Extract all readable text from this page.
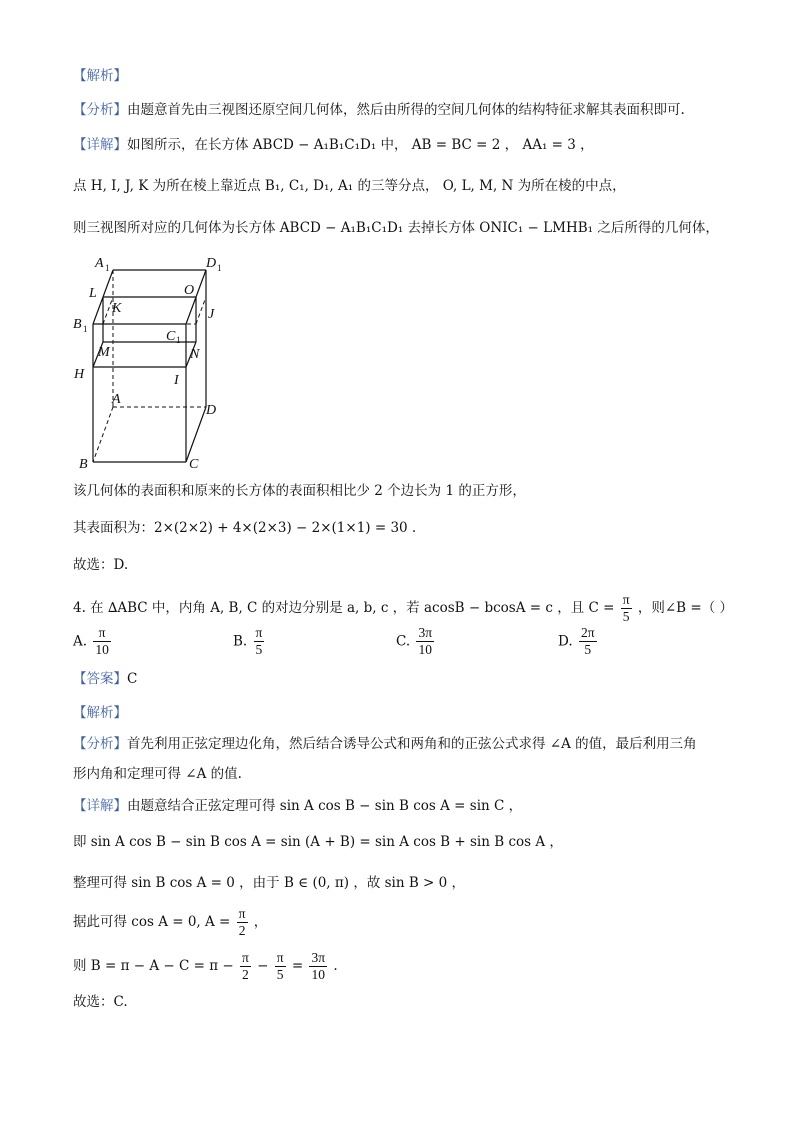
【解析】
【分析】由题意首先由三视图还原空间几何体，然后由所得的空间几何体的结构特征求解其表面积即可.
【详解】如图所示，在长方体 ABCD − A₁B₁C₁D₁ 中， AB = BC = 2 ， AA₁ = 3 ，
点 H, I, J, K 为所在棱上靠近点 B₁, C₁, D₁, A₁ 的三等分点， O, L, M, N 为所在棱的中点，
则三视图所对应的几何体为长方体 ABCD − A₁B₁C₁D₁ 去掉长方体 ONIC₁ − LMHB₁ 之后所得的几何体，
A 1	D 1
L	O
K
B 1
J
C 1
M	N
H	I
A
D
B	C
该几何体的表面积和原来的长方体的表面积相比少 2 个边长为 1 的正方形，
其表面积为：2×(2×2) + 4×(2×3) − 2×(1×1) = 30 .
故选：D.
4. 在 ∆ABC 中，内角 A, B, C 的对边分别是 a, b, c ，若 acosB − bcosA = c ，且 $C = \frac{\pi}{5}$ ，则∠B =（ ）
A. $\frac{\pi}{10}$	B. $\frac{\pi}{5}$	C. $\frac{3\pi}{10}$	D. $\frac{2\pi}{5}$
【答案】C
【解析】
【分析】首先利用正弦定理边化角，然后结合诱导公式和两角和的正弦公式求得 ∠A 的值，最后利用三角
形内角和定理可得 ∠A 的值.
【详解】由题意结合正弦定理可得 sin A cos B − sin B cos A = sin C ，
即 sin A cos B − sin B cos A = sin (A + B) = sin A cos B + sin B cos A ，
整理可得 sin B cos A = 0 ，由于 B ∈ (0, π) ，故 sin B > 0 ，
据此可得 cos A = 0, $A = \frac{\pi}{2}$ ，
则 $B = \pi - A - C = \pi - \frac{\pi}{2} - \frac{\pi}{5} = \frac{3\pi}{10}$ .
故选：C.
